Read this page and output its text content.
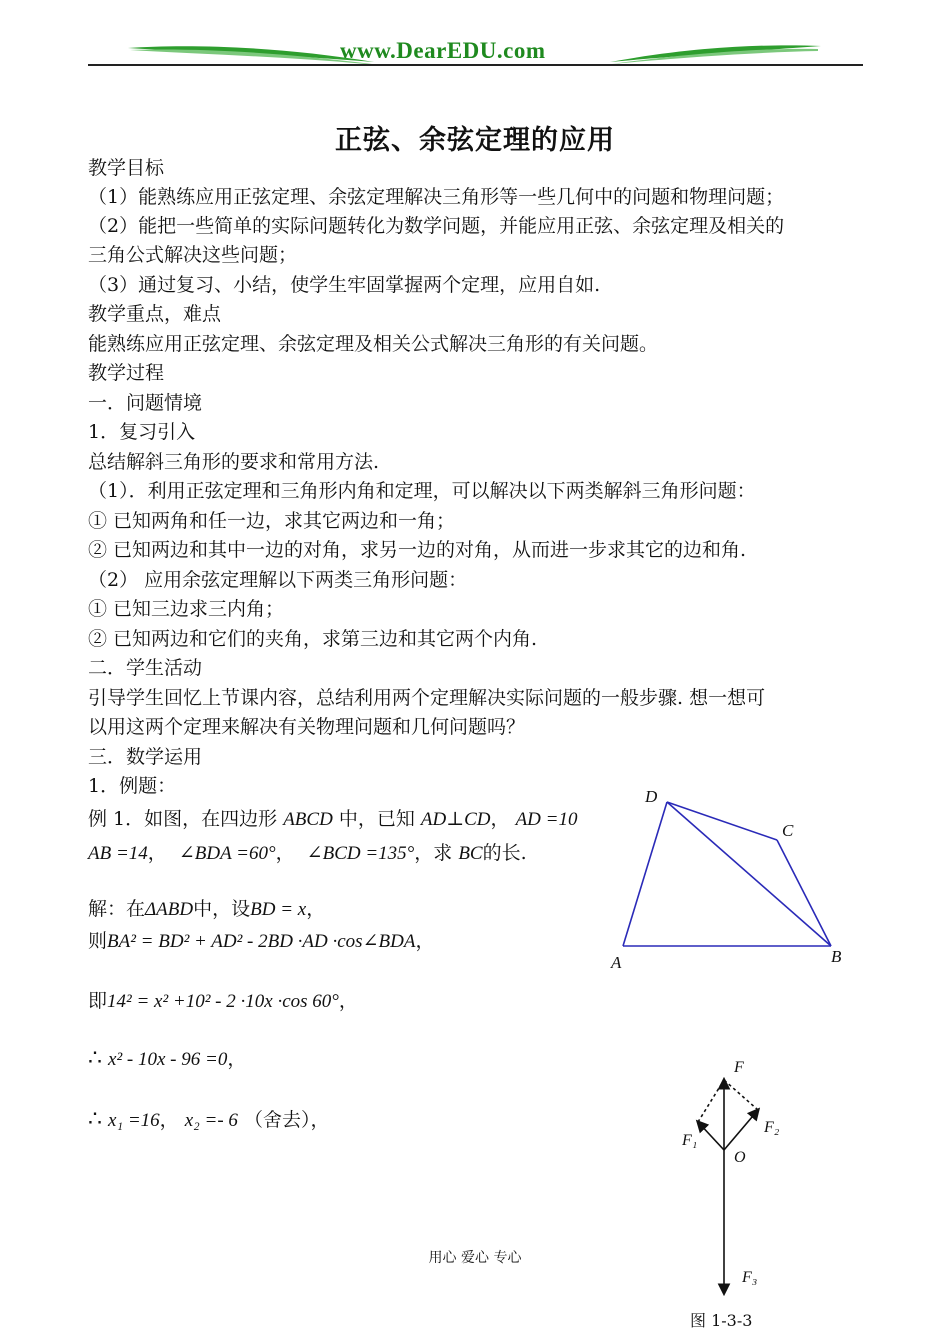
www.DearEDU.com
正弦、余弦定理的应用
教学目标
（1）能熟练应用正弦定理、余弦定理解决三角形等一些几何中的问题和物理问题；
（2）能把一些简单的实际问题转化为数学问题，并能应用正弦、余弦定理及相关的
三角公式解决这些问题；
（3）通过复习、小结，使学生牢固掌握两个定理，应用自如.
教学重点，难点
能熟练应用正弦定理、余弦定理及相关公式解决三角形的有关问题。
教学过程
一．问题情境
1．复习引入
总结解斜三角形的要求和常用方法.
（1）．利用正弦定理和三角形内角和定理，可以解决以下两类解斜三角形问题：
① 已知两角和任一边，求其它两边和一角；
② 已知两边和其中一边的对角，求另一边的对角，从而进一步求其它的边和角.
（2） 应用余弦定理解以下两类三角形问题：
① 已知三边求三内角；
② 已知两边和它们的夹角，求第三边和其它两个内角.
二．学生活动
引导学生回忆上节课内容，总结利用两个定理解决实际问题的一般步骤. 想一想可
以用这两个定理来解决有关物理问题和几何问题吗？
三．数学运用
1．例题：
例 1．如图，在四边形 ABCD 中，已知 AD⊥CD， AD =10
AB =14，  ∠BDA =60°，  ∠BCD =135°，求 BC的长.
解：在ΔABD中，设BD = x，
则BA² = BD² + AD² - 2BD ·AD ·cos∠BDA，
即14² = x² +10² - 2 ·10x ·cos 60°，
∴ x² - 10x - 96 =0，
∴ x₁ =16， x₂ =- 6 （舍去），
D
C
A	B
F
F₁
F₂
O
F₃
用心 爱心 专心
图 1-3-3
